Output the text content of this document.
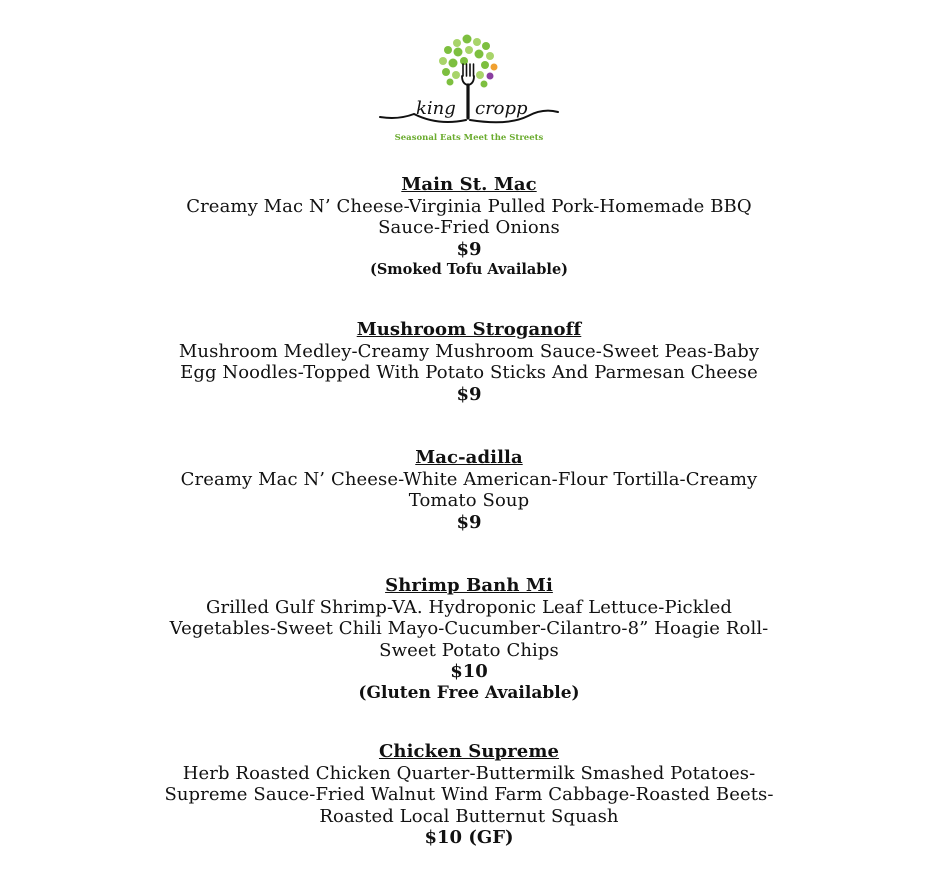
king cropp
Seasonal Eats Meet the Streets
Main St. Mac
Creamy Mac N’ Cheese-Virginia Pulled Pork-Homemade BBQ Sauce-Fried Onions
$9
(Smoked Tofu Available)
Mushroom Stroganoff
Mushroom Medley-Creamy Mushroom Sauce-Sweet Peas-Baby Egg Noodles-Topped With Potato Sticks And Parmesan Cheese
$9
Mac-adilla
Creamy Mac N’ Cheese-White American-Flour Tortilla-Creamy Tomato Soup
$9
Shrimp Banh Mi
Grilled Gulf Shrimp-VA. Hydroponic Leaf Lettuce-Pickled Vegetables-Sweet Chili Mayo-Cucumber-Cilantro-8” Hoagie Roll-Sweet Potato Chips
$10
(Gluten Free Available)
Chicken Supreme
Herb Roasted Chicken Quarter-Buttermilk Smashed Potatoes-Supreme Sauce-Fried Walnut Wind Farm Cabbage-Roasted Beets-Roasted Local Butternut Squash
$10 (GF)
